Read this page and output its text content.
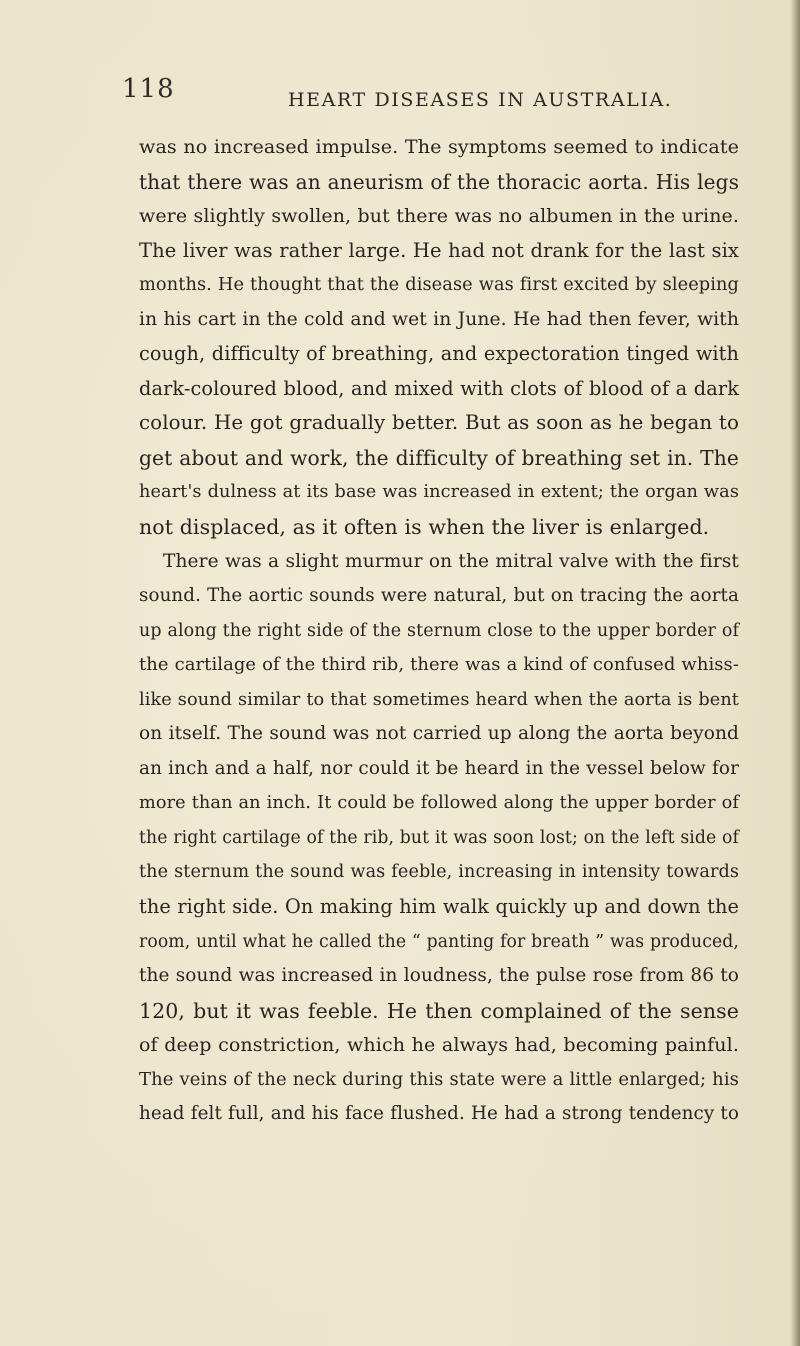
118	HEART DISEASES IN AUSTRALIA.
was no increased impulse. The symptoms seemed to indicate
that there was an aneurism of the thoracic aorta. His legs
were slightly swollen, but there was no albumen in the urine.
The liver was rather large. He had not drank for the last six
months. He thought that the disease was first excited by sleeping
in his cart in the cold and wet in June. He had then fever, with
cough, difficulty of breathing, and expectoration tinged with
dark-coloured blood, and mixed with clots of blood of a dark
colour. He got gradually better. But as soon as he began to
get about and work, the difficulty of breathing set in. The
heart's dulness at its base was increased in extent; the organ was
not displaced, as it often is when the liver is enlarged.
There was a slight murmur on the mitral valve with the first
sound. The aortic sounds were natural, but on tracing the aorta
up along the right side of the sternum close to the upper border of
the cartilage of the third rib, there was a kind of confused whiss-
like sound similar to that sometimes heard when the aorta is bent
on itself. The sound was not carried up along the aorta beyond
an inch and a half, nor could it be heard in the vessel below for
more than an inch. It could be followed along the upper border of
the right cartilage of the rib, but it was soon lost; on the left side of
the sternum the sound was feeble, increasing in intensity towards
the right side. On making him walk quickly up and down the
room, until what he called the “ panting for breath ” was produced,
the sound was increased in loudness, the pulse rose from 86 to
120, but it was feeble. He then complained of the sense
of deep constriction, which he always had, becoming painful.
The veins of the neck during this state were a little enlarged; his
head felt full, and his face flushed. He had a strong tendency to
